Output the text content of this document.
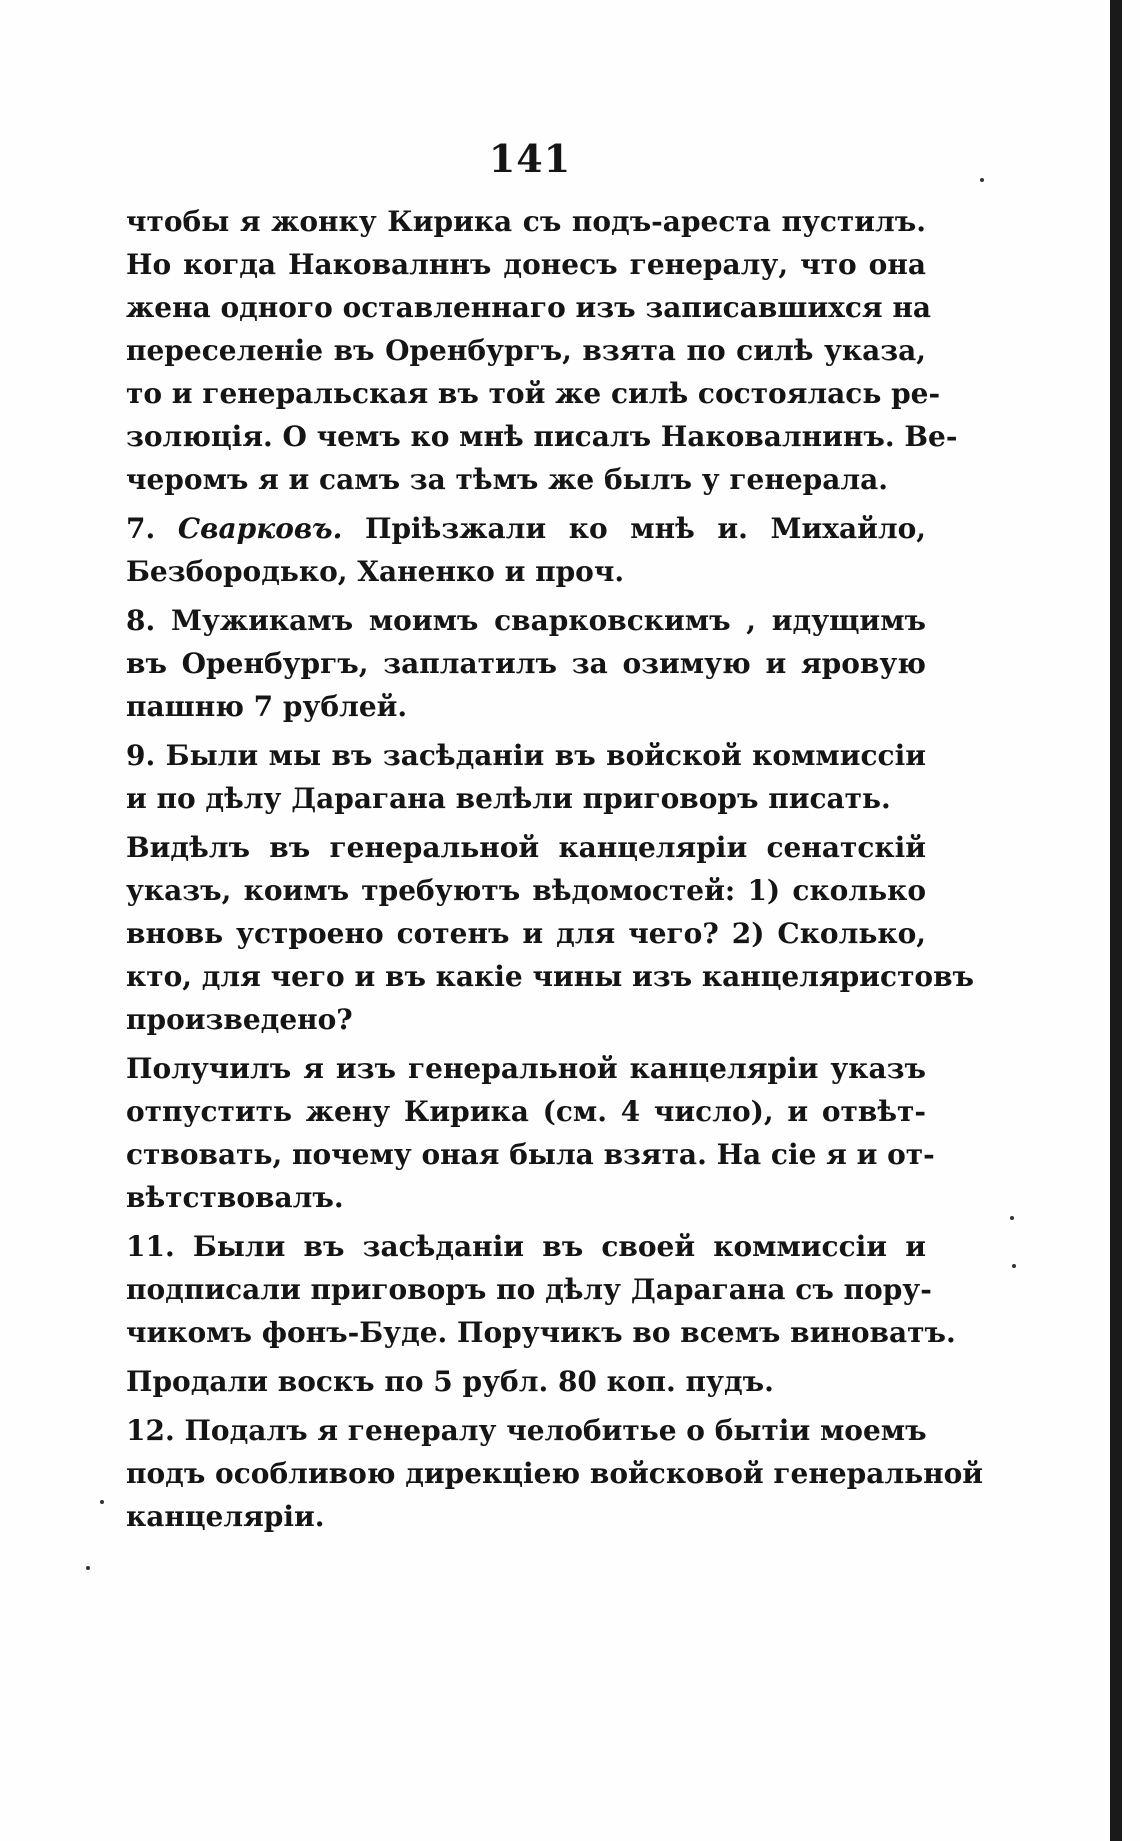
141
чтобы я жонку Кирика съ подъ-ареста пустилъ.
Но когда Наковалннъ донесъ генералу, что она
жена одного оставленнаго изъ записавшихся на
переселеніе въ Оренбургъ, взята по силѣ указа,
то и генеральская въ той же силѣ состоялась ре-
золюція. О чемъ ко мнѣ писалъ Наковалнинъ. Ве-
черомъ я и самъ за тѣмъ же былъ у генерала.
7. Сварковъ. Пріѣзжали ко мнѣ и. Михайло,
Безбородько, Ханенко и проч.
8. Мужикамъ моимъ сварковскимъ , идущимъ
въ Оренбургъ, заплатилъ за озимую и яровую
пашню 7 рублей.
9. Были мы въ засѣданіи въ войской коммиссіи
и по дѣлу Дарагана велѣли приговоръ писать.
Видѣлъ въ генеральной канцеляріи сенатскій
указъ, коимъ требуютъ вѣдомостей: 1) сколько
вновь устроено сотенъ и для чего? 2) Сколько,
кто, для чего и въ какіе чины изъ канцеляристовъ
произведено?
Получилъ я изъ генеральной канцеляріи указъ
отпустить жену Кирика (см. 4 число), и отвѣт-
ствовать, почему оная была взята. На сіе я и от-
вѣтствовалъ.
11. Были въ засѣданіи въ своей коммиссіи и
подписали приговоръ по дѣлу Дарагана съ пору-
чикомъ фонъ-Буде. Поручикъ во всемъ виноватъ.
Продали воскъ по 5 рубл. 80 коп. пудъ.
12. Подалъ я генералу челобитье о бытіи моемъ
подъ особливою дирекціею войсковой генеральной
канцеляріи.
